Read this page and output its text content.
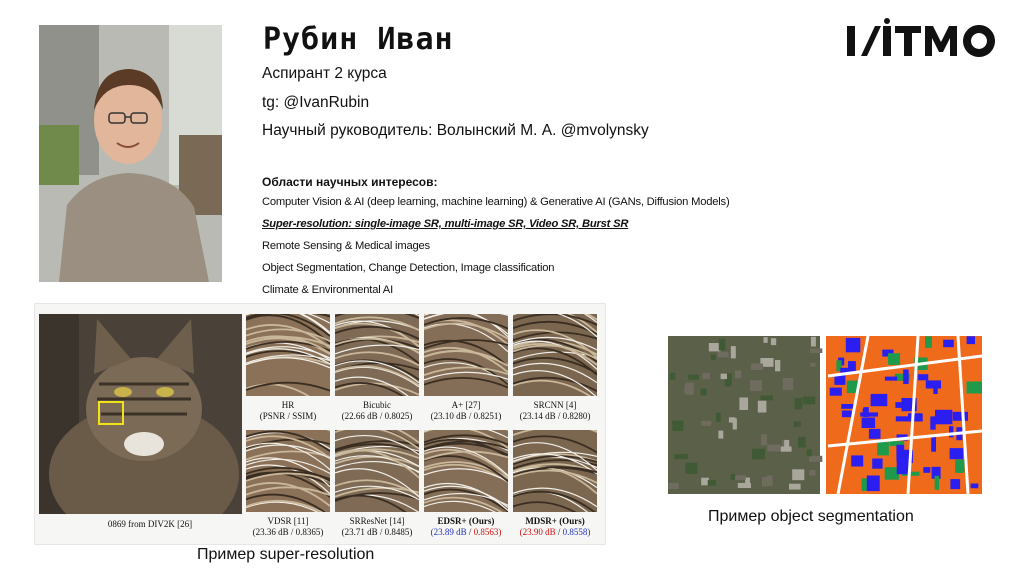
Рубин Иван
Аспирант 2 курса
tg: @IvanRubin
Научный руководитель: Волынский М. А. @mvolynsky
Области научных интересов:
Computer Vision & AI (deep learning, machine learning) & Generative AI (GANs, Diffusion Models)
Super-resolution: single-image SR, multi-image SR, Video SR, Burst SR
Remote Sensing & Medical images
Object Segmentation, Change Detection, Image classification
Climate & Environmental AI
0869 from DIV2K [26]
HR
(PSNR / SSIM)
Bicubic
(22.66 dB / 0.8025)
A+ [27]
(23.10 dB / 0.8251)
SRCNN [4]
(23.14 dB / 0.8280)
VDSR [11]
(23.36 dB / 0.8365)
SRResNet [14]
(23.71 dB / 0.8485)
EDSR+ (Ours)
(23.89 dB / 0.8563)
MDSR+ (Ours)
(23.90 dB / 0.8558)
Пример super-resolution
Пример object segmentation
